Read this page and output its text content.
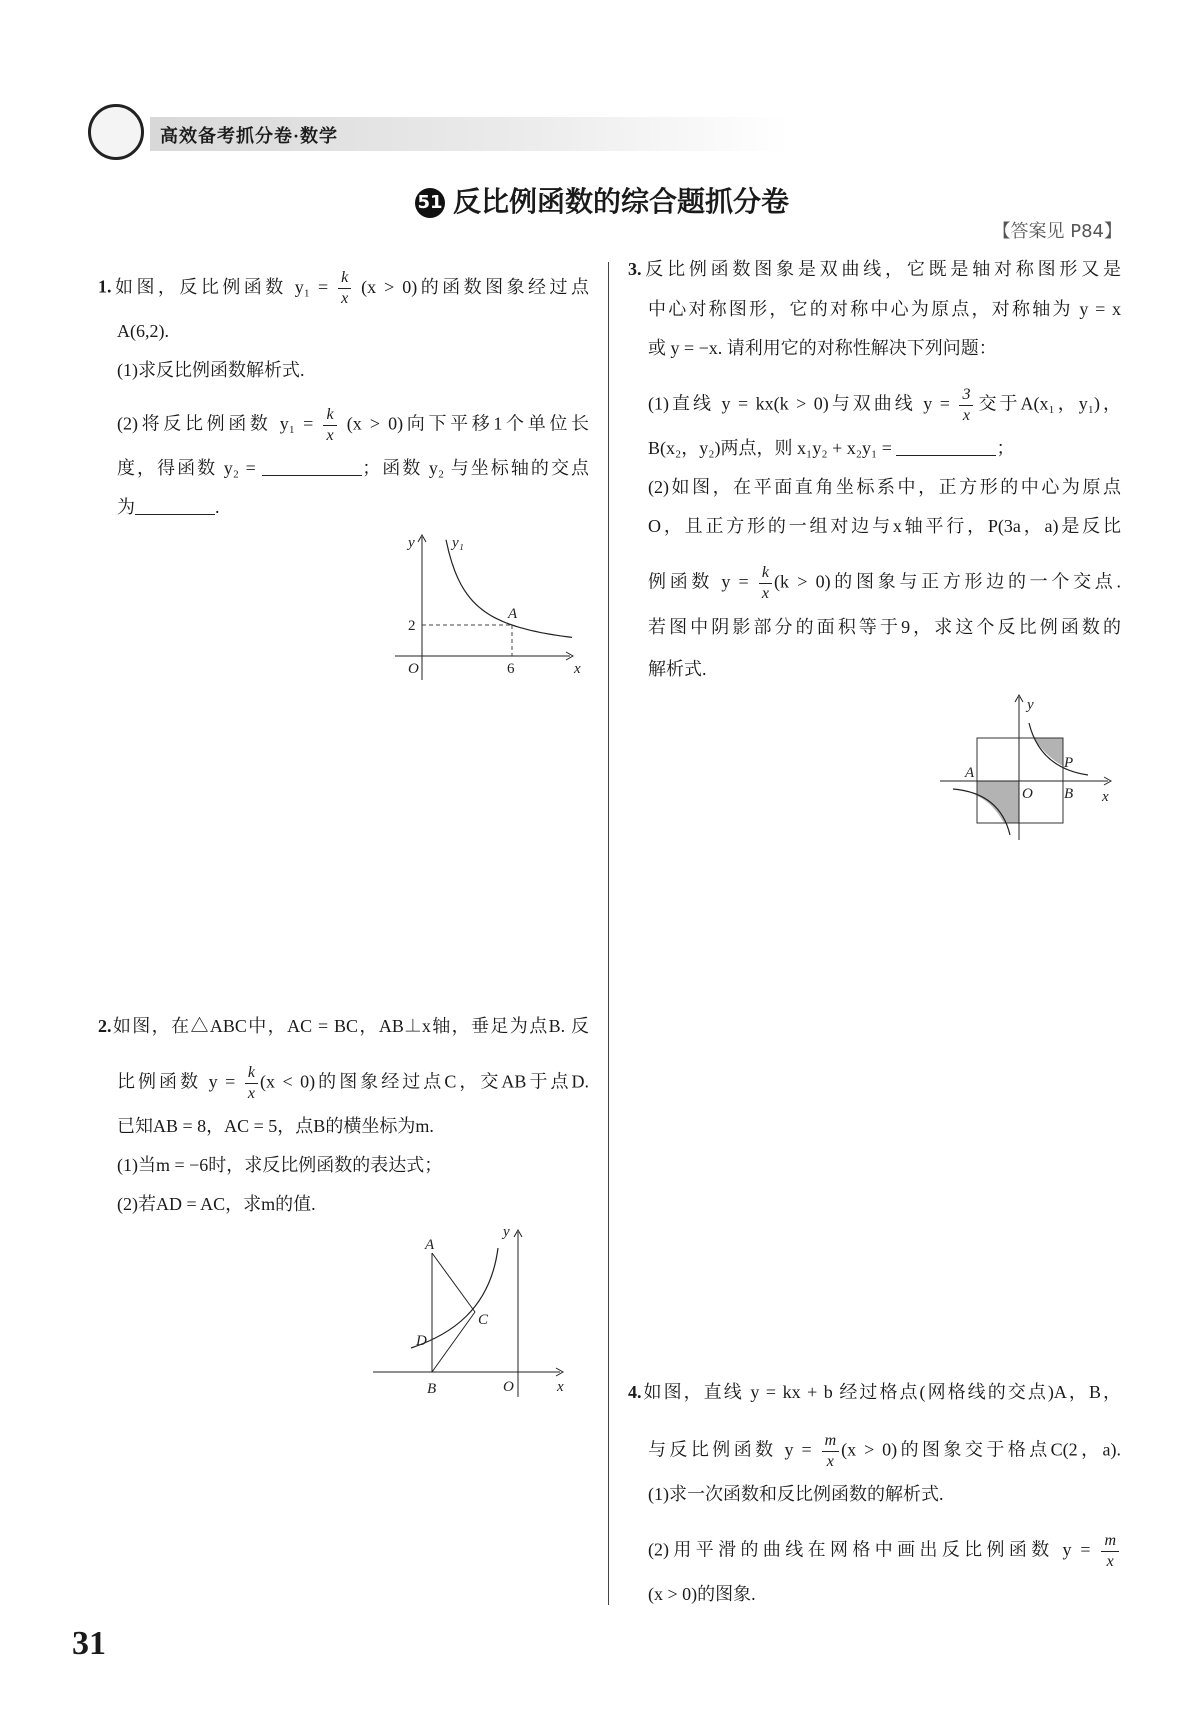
高效备考抓分卷·数学
51 反比例函数的综合题抓分卷
【答案见 P84】
31
1.如图，反比例函数 $y_1 = \frac{k}{x} (x > 0)$的函数图象经过点
A(6,2).
(1)求反比例函数解析式.
(2)将反比例函数 $y_1 = \frac{k}{x} (x > 0)$向下平移1个单位长
度，得函数 y₂ =	；函数 y₂ 与坐标轴的交点
为	.
y y₁
2
A
O	6	x
2.如图，在△ABC中，AC = BC，AB⊥x轴，垂足为点B. 反
比例函数 $y = \frac{k}{x} (x < 0)$的图象经过点C，交AB于点D.
已知AB = 8，AC = 5，点B的横坐标为m.
(1)当m = −6时，求反比例函数的表达式；
(2)若AD = AC，求m的值.
A
C
D
B	O	x
y
3.反比例函数图象是双曲线，它既是轴对称图形又是
中心对称图形，它的对称中心为原点，对称轴为 y = x
或 y = −x. 请利用它的对称性解决下列问题：
(1)直线 y = kx(k > 0)与双曲线 $y = \frac{3}{x}$ 交于A(x₁，y₁)，
B(x₂，y₂)两点，则 x₁y₂ + x₂y₁ =	；
(2)如图，在平面直角坐标系中，正方形的中心为原点
O，且正方形的一组对边与x轴平行，P(3a，a)是反比
例函数 $y = \frac{k}{x} (k > 0)$的图象与正方形边的一个交点.
若图中阴影部分的面积等于9，求这个反比例函数的
解析式.
y
A
O B
P
x
4.如图，直线 y = kx + b 经过格点(网格线的交点)A，B，
与反比例函数 $y = \frac{m}{x} (x > 0)$的图象交于格点C(2，a).
(1)求一次函数和反比例函数的解析式.
(2)用平滑的曲线在网格中画出反比例函数 $y = \frac{m}{x}$
(x > 0)的图象.
